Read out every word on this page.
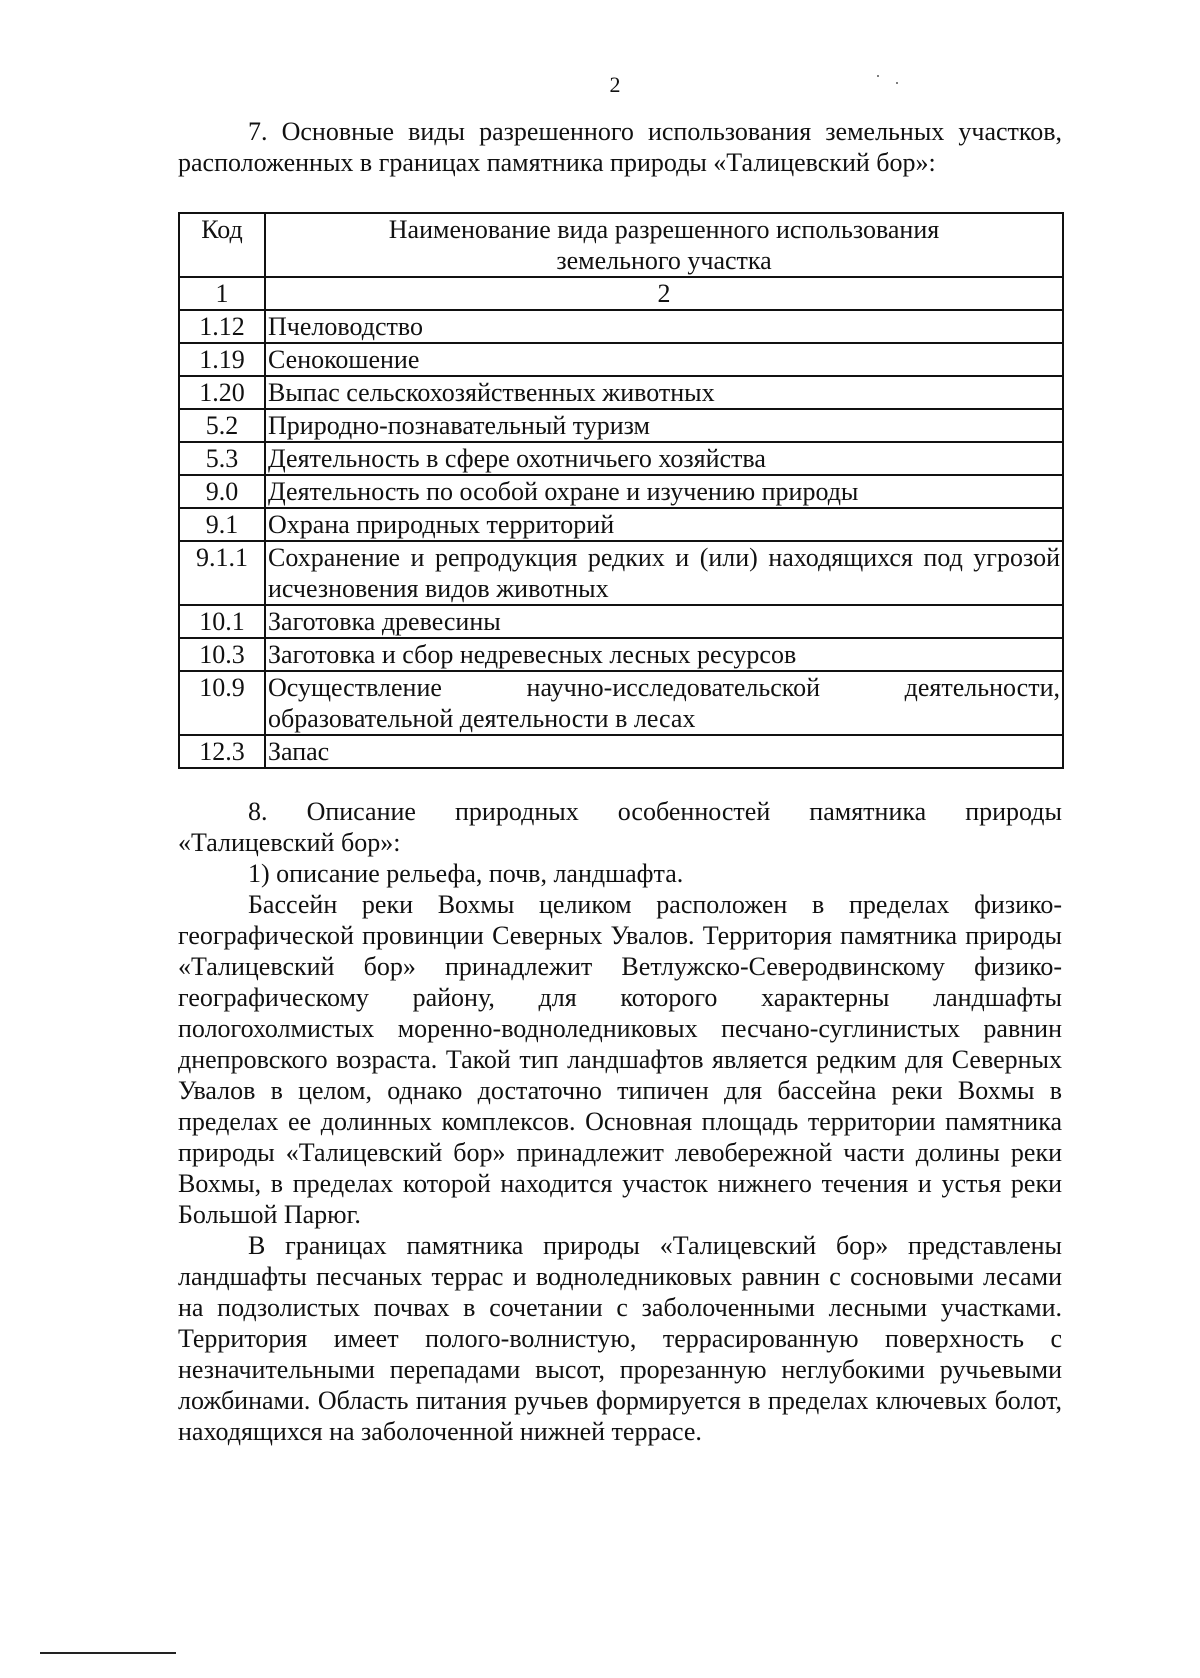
2

7. Основные виды разрешенного использования земельных участков, расположенных в границах памятника природы «Талицевский бор»:

Код	Наименование вида разрешенного использования земельного участка
1	2
1.12	Пчеловодство
1.19	Сенокошение
1.20	Выпас сельскохозяйственных животных
5.2	Природно-познавательный туризм
5.3	Деятельность в сфере охотничьего хозяйства
9.0	Деятельность по особой охране и изучению природы
9.1	Охрана природных территорий
9.1.1	Сохранение и репродукция редких и (или) находящихся под угрозой исчезновения видов животных
10.1	Заготовка древесины
10.3	Заготовка и сбор недревесных лесных ресурсов
10.9	Осуществление научно-исследовательской деятельности, образовательной деятельности в лесах
12.3	Запас

8. Описание природных особенностей памятника природы «Талицевский бор»:

1) описание рельефа, почв, ландшафта.

Бассейн реки Вохмы целиком расположен в пределах физико-географической провинции Северных Увалов. Территория памятника природы «Талицевский бор» принадлежит Ветлужско-Северодвинскому физико-географическому району, для которого характерны ландшафты пологохолмистых моренно-водноледниковых песчано-суглинистых равнин днепровского возраста. Такой тип ландшафтов является редким для Северных Увалов в целом, однако достаточно типичен для бассейна реки Вохмы в пределах ее долинных комплексов. Основная площадь территории памятника природы «Талицевский бор» принадлежит левобережной части долины реки Вохмы, в пределах которой находится участок нижнего течения и устья реки Большой Парюг.

В границах памятника природы «Талицевский бор» представлены ландшафты песчаных террас и водноледниковых равнин с сосновыми лесами на подзолистых почвах в сочетании с заболоченными лесными участками. Территория имеет полого-волнистую, террасированную поверхность с незначительными перепадами высот, прорезанную неглубокими ручьевыми ложбинами. Область питания ручьев формируется в пределах ключевых болот, находящихся на заболоченной нижней террасе.
